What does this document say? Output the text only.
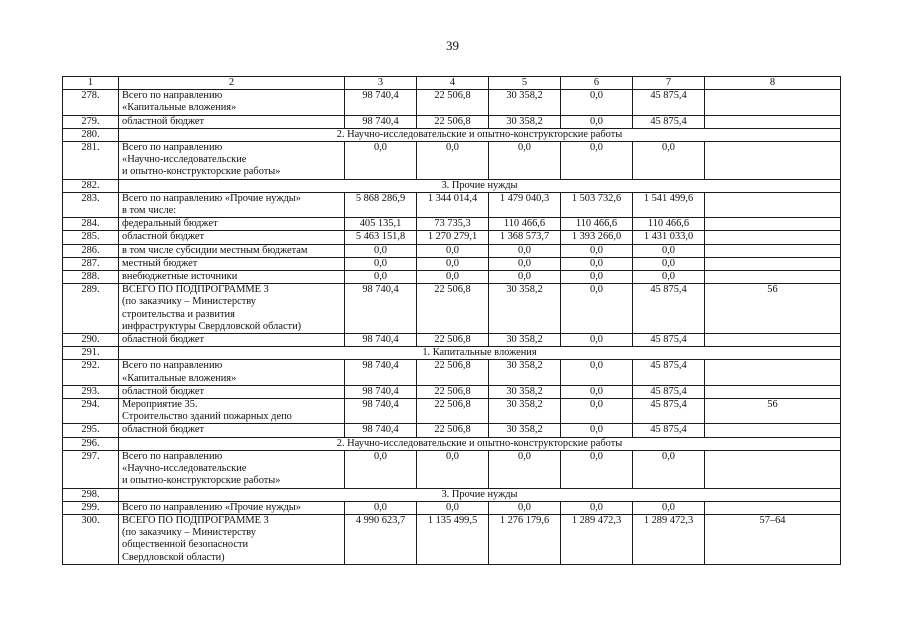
39
1	2	3	4	5	6	7	8
278.	Всего по направлению
«Капитальные вложения»	98 740,4	22 506,8	30 358,2	0,0	45 875,4	
279.	областной бюджет	98 740,4	22 506,8	30 358,2	0,0	45 875,4	
280.	2. Научно-исследовательские и опытно-конструкторские работы						
281.	Всего по направлению
«Научно-исследовательские
и опытно-конструкторские работы»	0,0	0,0	0,0	0,0	0,0	
282.	3. Прочие нужды						
283.	Всего по направлению «Прочие нужды»
в том числе:	5 868 286,9	1 344 014,4	1 479 040,3	1 503 732,6	1 541 499,6	
284.	федеральный бюджет	405 135,1	73 735,3	110 466,6	110 466,6	110 466,6	
285.	областной бюджет	5 463 151,8	1 270 279,1	1 368 573,7	1 393 266,0	1 431 033,0	
286.	в том числе субсидии местным бюджетам	0,0	0,0	0,0	0,0	0,0	
287.	местный бюджет	0,0	0,0	0,0	0,0	0,0	
288.	внебюджетные источники	0,0	0,0	0,0	0,0	0,0	
289.	ВСЕГО ПО ПОДПРОГРАММЕ 3
(по заказчику – Министерству
строительства и развития
инфраструктуры Свердловской области)	98 740,4	22 506,8	30 358,2	0,0	45 875,4	56
290.	областной бюджет	98 740,4	22 506,8	30 358,2	0,0	45 875,4	
291.	1. Капитальные вложения						
292.	Всего по направлению
«Капитальные вложения»	98 740,4	22 506,8	30 358,2	0,0	45 875,4	
293.	областной бюджет	98 740,4	22 506,8	30 358,2	0,0	45 875,4	
294.	Мероприятие 35.
Строительство зданий пожарных депо	98 740,4	22 506,8	30 358,2	0,0	45 875,4	56
295.	областной бюджет	98 740,4	22 506,8	30 358,2	0,0	45 875,4	
296.	2. Научно-исследовательские и опытно-конструкторские работы						
297.	Всего по направлению
«Научно-исследовательские
и опытно-конструкторские работы»	0,0	0,0	0,0	0,0	0,0	
298.	3. Прочие нужды						
299.	Всего по направлению «Прочие нужды»	0,0	0,0	0,0	0,0	0,0	
300.	ВСЕГО ПО ПОДПРОГРАММЕ 3
(по заказчику – Министерству
общественной безопасности
Свердловской области)	4 990 623,7	1 135 499,5	1 276 179,6	1 289 472,3	1 289 472,3	57–64
